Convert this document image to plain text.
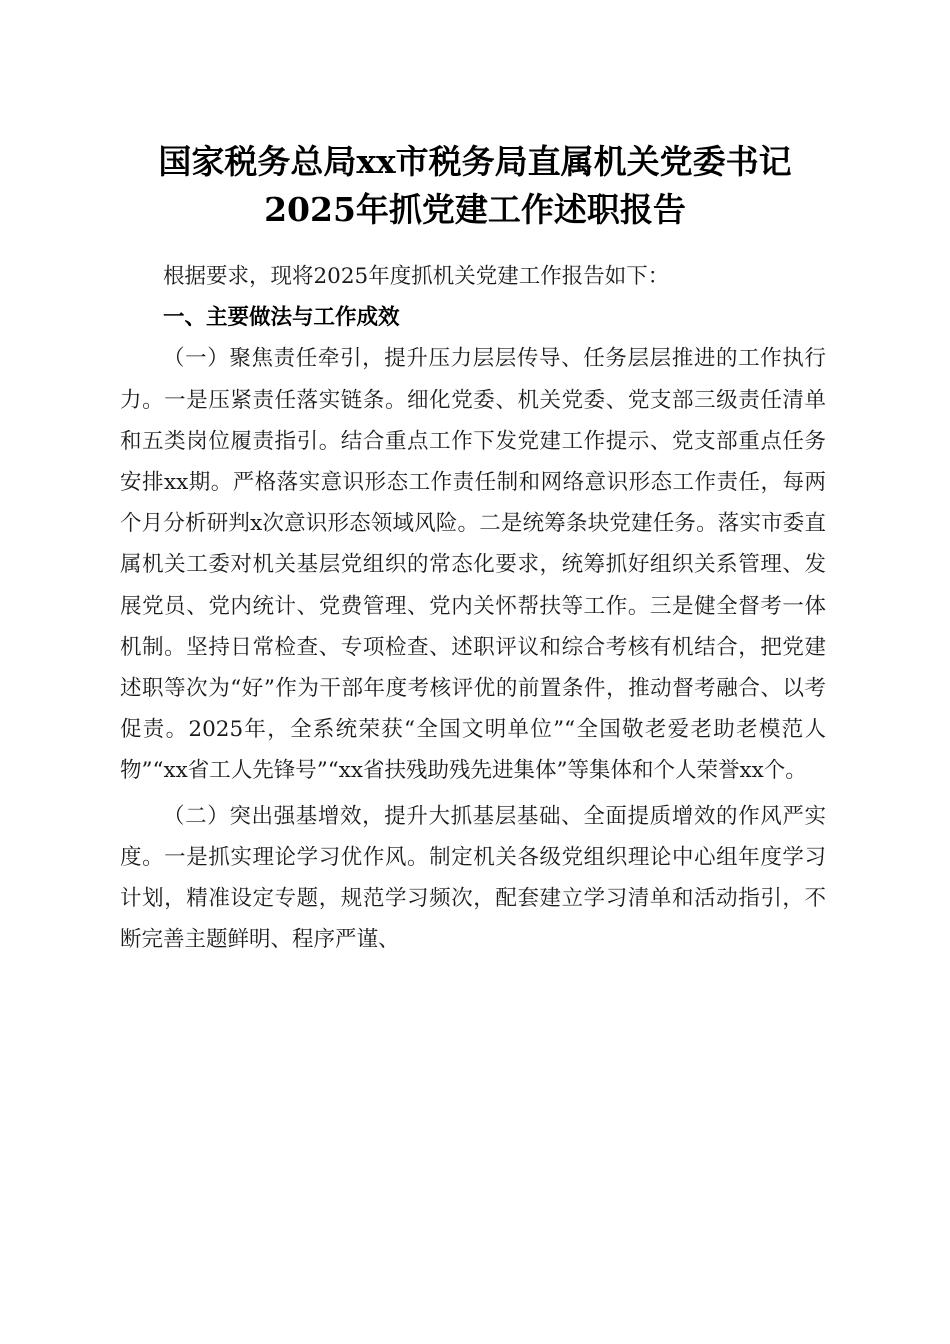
国家税务总局xx市税务局直属机关党委书记
2025年抓党建工作述职报告

根据要求，现将2025年度抓机关党建工作报告如下：

一、主要做法与工作成效

（一）聚焦责任牵引，提升压力层层传导、任务层层推进的工作执行力。一是压紧责任落实链条。细化党委、机关党委、党支部三级责任清单和五类岗位履责指引。结合重点工作下发党建工作提示、党支部重点任务安排xx期。严格落实意识形态工作责任制和网络意识形态工作责任，每两个月分析研判x次意识形态领域风险。二是统筹条块党建任务。落实市委直属机关工委对机关基层党组织的常态化要求，统筹抓好组织关系管理、发展党员、党内统计、党费管理、党内关怀帮扶等工作。三是健全督考一体机制。坚持日常检查、专项检查、述职评议和综合考核有机结合，把党建述职等次为“好”作为干部年度考核评优的前置条件，推动督考融合、以考促责。2025年，全系统荣获“全国文明单位”“全国敬老爱老助老模范人物”“xx省工人先锋号”“xx省扶残助残先进集体”等集体和个人荣誉xx个。

（二）突出强基增效，提升大抓基层基础、全面提质增效的作风严实度。一是抓实理论学习优作风。制定机关各级党组织理论中心组年度学习计划，精准设定专题，规范学习频次，配套建立学习清单和活动指引，不断完善主题鲜明、程序严谨、
